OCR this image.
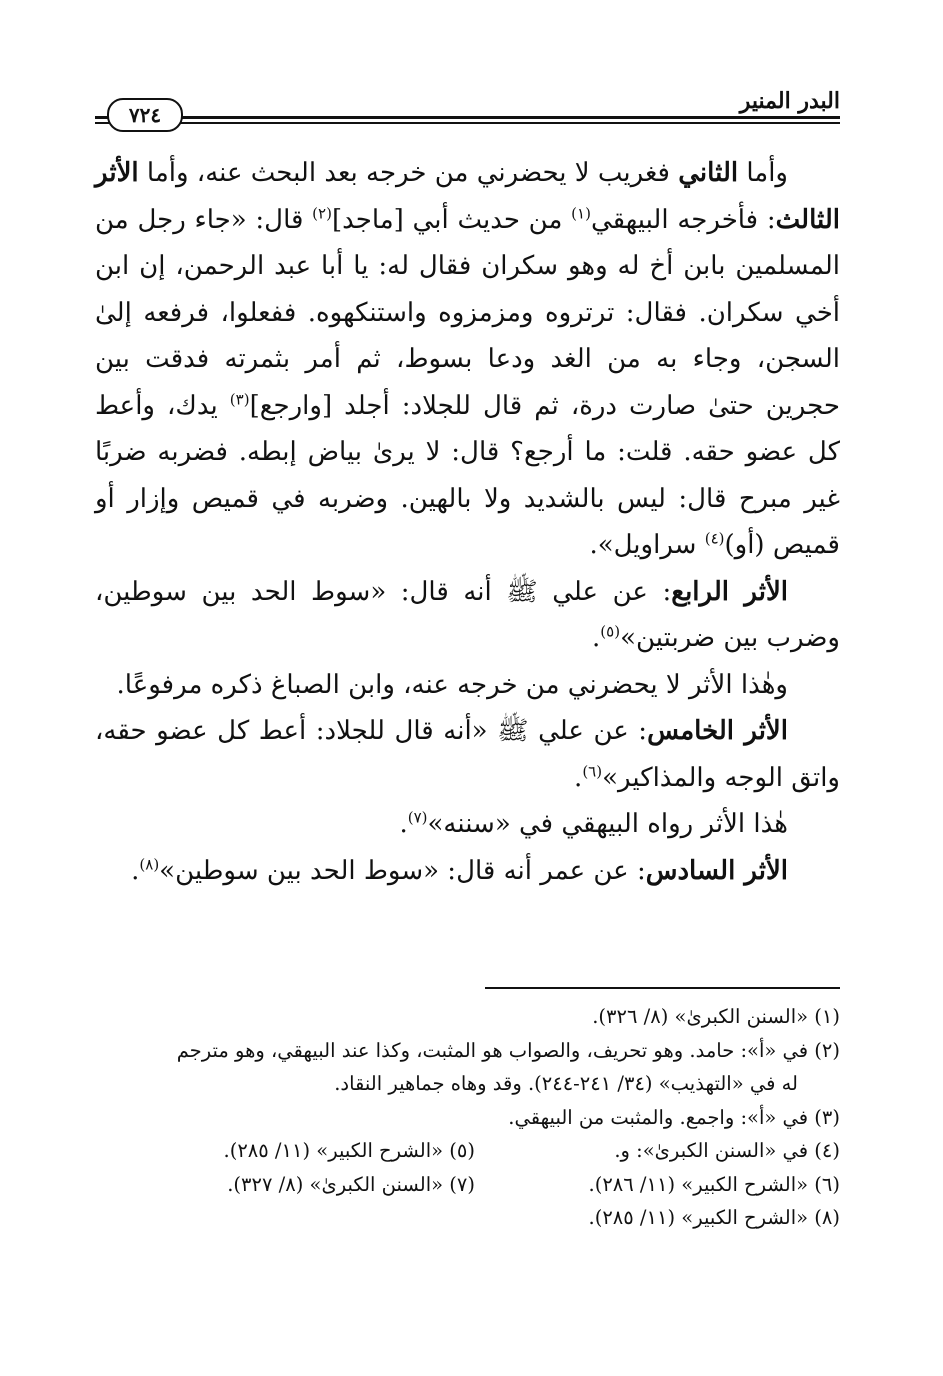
البدر المنير
٧٢٤

وأما الثاني فغريب لا يحضرني من خرجه بعد البحث عنه، وأما الأثر الثالث: فأخرجه البيهقي$^{(١)}$ من حديث أبي [ماجد]$^{(٢)}$ قال: «جاء رجل من المسلمين بابن أخ له وهو سكران فقال له: يا أبا عبد الرحمن، إن ابن أخي سكران. فقال: ترتروه ومزمزوه واستنكهوه. ففعلوا، فرفعه إلىٰ السجن، وجاء به من الغد ودعا بسوط، ثم أمر بثمرته فدقت بين حجرين حتىٰ صارت درة، ثم قال للجلاد: أجلد [وارجع]$^{(٣)}$ يدك، وأعط كل عضو حقه. قلت: ما أرجع؟ قال: لا يرىٰ بياض إبطه. فضربه ضربًا غير مبرح قال: ليس بالشديد ولا بالهين. وضربه في قميص وإزار أو قميص (أو)$^{(٤)}$ سراويل».

الأثر الرابع: عن علي ﷺ أنه قال: «سوط الحد بين سوطين، وضرب بين ضربتين»$^{(٥)}$.

وهٰذا الأثر لا يحضرني من خرجه عنه، وابن الصباغ ذكره مرفوعًا.

الأثر الخامس: عن علي ﷺ «أنه قال للجلاد: أعط كل عضو حقه، واتق الوجه والمذاكير»$^{(٦)}$.

هٰذا الأثر رواه البيهقي في «سننه»$^{(٧)}$.

الأثر السادس: عن عمر أنه قال: «سوط الحد بين سوطين»$^{(٨)}$.

(١) «السنن الكبرىٰ» (٨/ ٣٢٦).

(٢) في «أ»: حامد. وهو تحريف، والصواب هو المثبت، وكذا عند البيهقي، وهو مترجم

له في «التهذيب» (٣٤/ ٢٤١-٢٤٤). وقد وهاه جماهير النقاد.

(٣) في «أ»: واجمع. والمثبت من البيهقي.

(٤) في «السنن الكبرىٰ»: و.
(٥) «الشرح الكبير» (١١/ ٢٨٥).
(٦) «الشرح الكبير» (١١/ ٢٨٦).
(٧) «السنن الكبرىٰ» (٨/ ٣٢٧).

(٨) «الشرح الكبير» (١١/ ٢٨٥).
